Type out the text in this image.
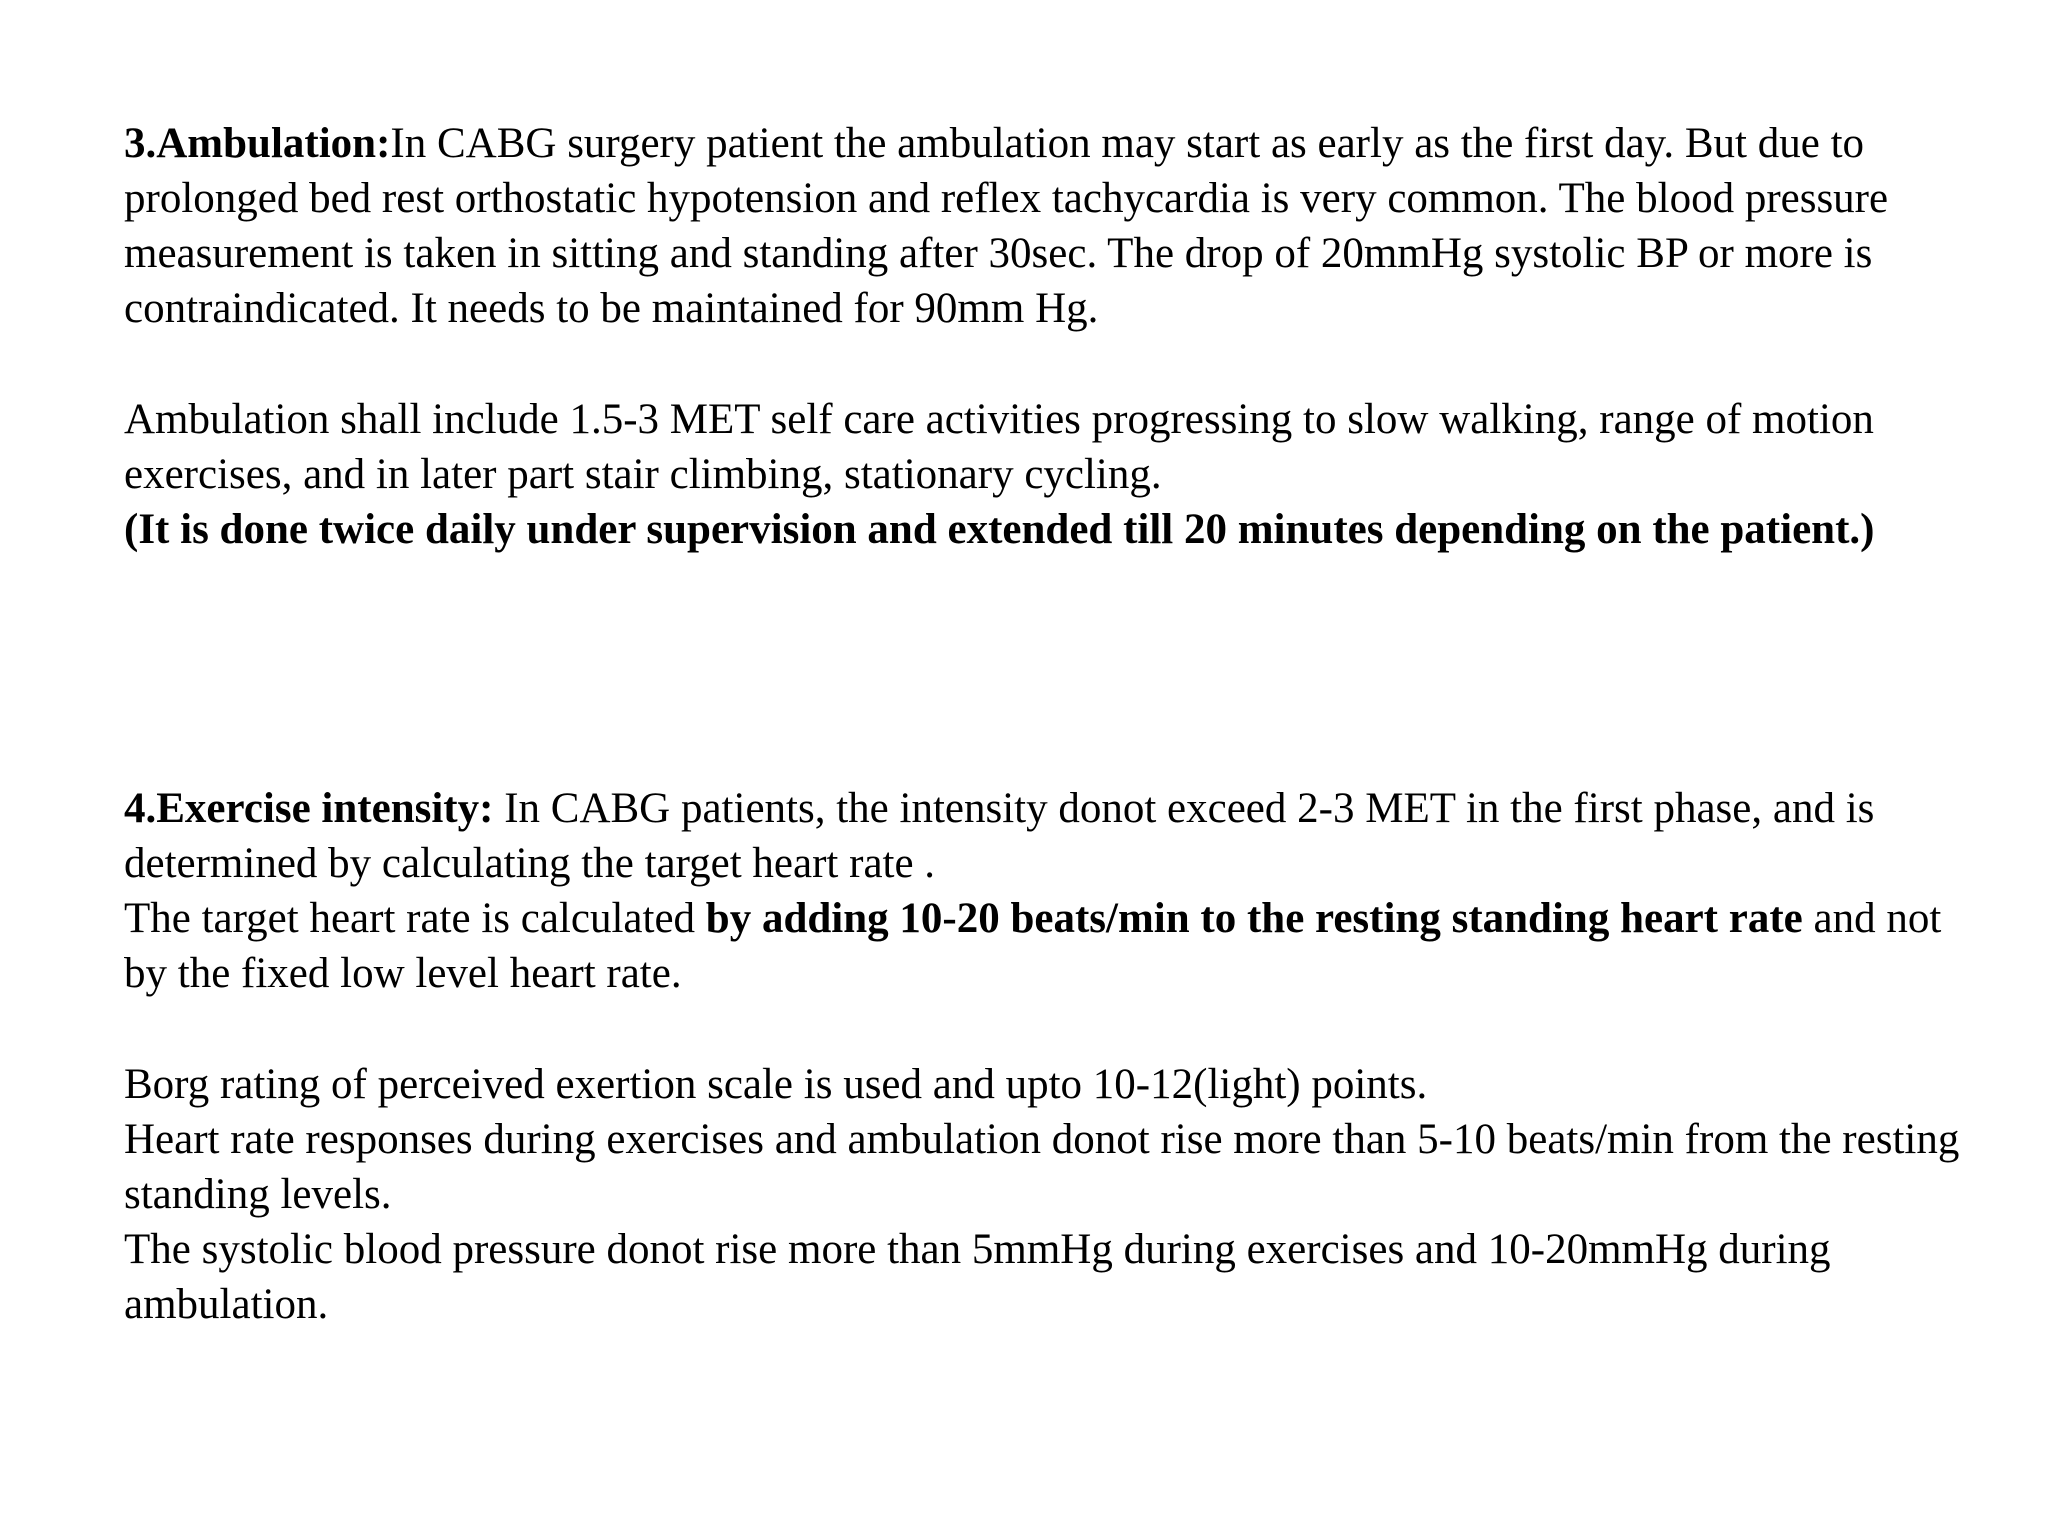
3.Ambulation:In CABG surgery patient the ambulation may start as early as the first day. But due to prolonged bed rest orthostatic hypotension and reflex tachycardia is very common. The blood pressure measurement is taken in sitting and standing after 30sec. The drop of 20mmHg systolic BP or more is contraindicated. It needs to be maintained for 90mm Hg.

Ambulation shall include 1.5-3 MET self care activities progressing to slow walking, range of motion exercises, and in later part stair climbing, stationary cycling.

(It is done twice daily under supervision and extended till 20 minutes depending on the patient.)

4.Exercise intensity: In CABG patients, the intensity donot exceed 2-3 MET in the first phase, and is determined by calculating the target heart rate .

The target heart rate is calculated by adding 10-20 beats/min to the resting standing heart rate and not by the fixed low level heart rate.

Borg rating of perceived exertion scale is used and upto 10-12(light) points.

Heart rate responses during exercises and ambulation donot rise more than 5-10 beats/min from the resting standing levels.

The systolic blood pressure donot rise more than 5mmHg during exercises and 10-20mmHg during ambulation.
